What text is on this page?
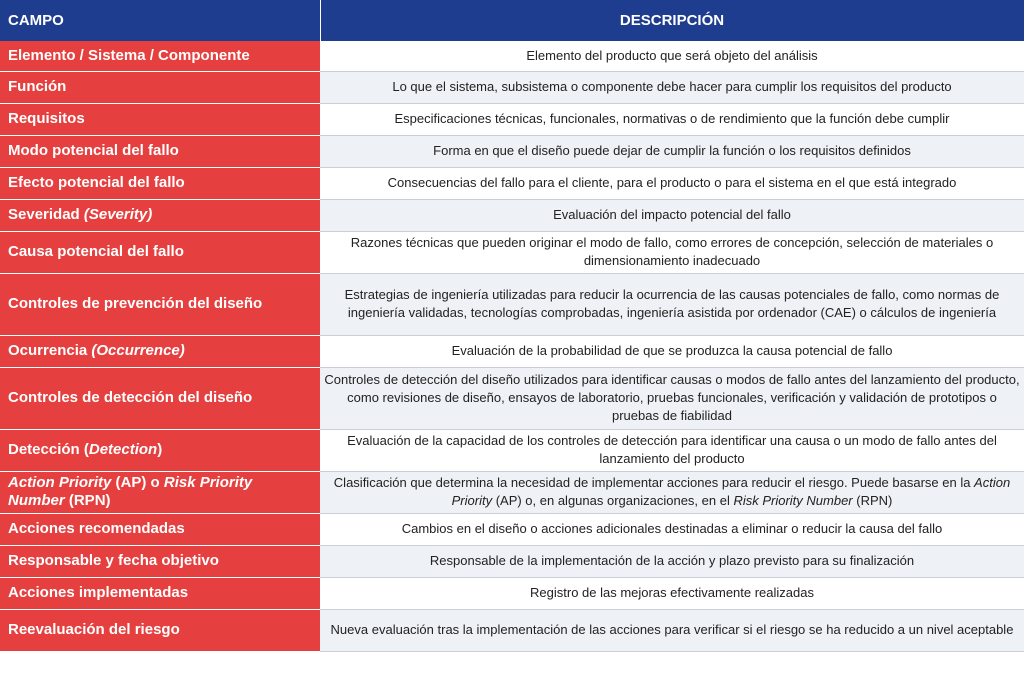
CAMPO	DESCRIPCIÓN
Elemento / Sistema / Componente	Elemento del producto que será objeto del análisis
Función	Lo que el sistema, subsistema o componente debe hacer para cumplir los requisitos del producto
Requisitos	Especificaciones técnicas, funcionales, normativas o de rendimiento que la función debe cumplir
Modo potencial del fallo	Forma en que el diseño puede dejar de cumplir la función o los requisitos definidos
Efecto potencial del fallo	Consecuencias del fallo para el cliente, para el producto o para el sistema en el que está integrado
Severidad (Severity)	Evaluación del impacto potencial del fallo
Causa potencial del fallo	Razones técnicas que pueden originar el modo de fallo, como errores de concepción, selección de materiales o dimensionamiento inadecuado
Controles de prevención del diseño	Estrategias de ingeniería utilizadas para reducir la ocurrencia de las causas potenciales de fallo, como normas de ingeniería validadas, tecnologías comprobadas, ingeniería asistida por ordenador (CAE) o cálculos de ingeniería
Ocurrencia (Occurrence)	Evaluación de la probabilidad de que se produzca la causa potencial de fallo
Controles de detección del diseño	Controles de detección del diseño utilizados para identificar causas o modos de fallo antes del lanzamiento del producto, como revisiones de diseño, ensayos de laboratorio, pruebas funcionales, verificación y validación de prototipos o pruebas de fiabilidad
Detección (Detection)	Evaluación de la capacidad de los controles de detección para identificar una causa o un modo de fallo antes del lanzamiento del producto
Action Priority (AP) o Risk Priority Number (RPN)	Clasificación que determina la necesidad de implementar acciones para reducir el riesgo. Puede basarse en la Action Priority (AP) o, en algunas organizaciones, en el Risk Priority Number (RPN)
Acciones recomendadas	Cambios en el diseño o acciones adicionales destinadas a eliminar o reducir la causa del fallo
Responsable y fecha objetivo	Responsable de la implementación de la acción y plazo previsto para su finalización
Acciones implementadas	Registro de las mejoras efectivamente realizadas
Reevaluación del riesgo	Nueva evaluación tras la implementación de las acciones para verificar si el riesgo se ha reducido a un nivel aceptable
